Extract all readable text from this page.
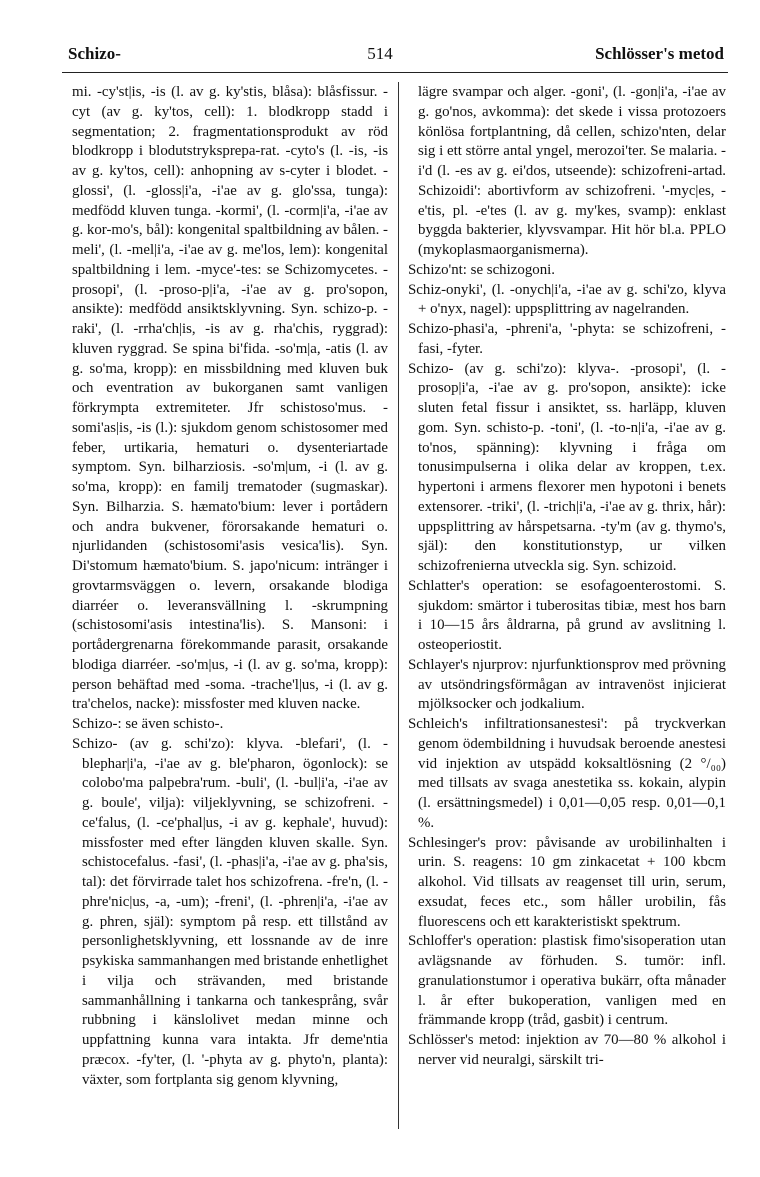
Schizo-	514	Schlösser's metod

mi. -cy'st|is, -is (l. av g. ky'stis, blåsa): blåsfissur. -cyt (av g. ky'tos, cell): 1. blodkropp stadd i segmentation; 2. fragmentationsprodukt av röd blodkropp i blodutstryksprepa-rat. -cyto's (l. -is, -is av g. ky'tos, cell): anhopning av s-cyter i blodet. -glossi', (l. -gloss|i'a, -i'ae av g. glo'ssa, tunga): medfödd kluven tunga. -kormi', (l. -corm|i'a, -i'ae av g. kor-mo's, bål): kongenital spaltbildning av bålen. -meli', (l. -mel|i'a, -i'ae av g. me'los, lem): kongenital spaltbildning i lem. -myce'-tes: se Schizomycetes. -prosopi', (l. -proso-p|i'a, -i'ae av g. pro'sopon, ansikte): medfödd ansiktsklyvning. Syn. schizo-p. -raki', (l. -rrha'ch|is, -is av g. rha'chis, ryggrad): kluven ryggrad. Se spina bi'fida. -so'm|a, -atis (l. av g. so'ma, kropp): en missbildning med kluven buk och eventration av bukorganen samt vanligen förkrympta extremiteter. Jfr schistoso'mus. -somi'as|is, -is (l.): sjukdom genom schistosomer med feber, urtikaria, hematuri o. dysenteriartade symptom. Syn. bilharziosis. -so'm|um, -i (l. av g. so'ma, kropp): en familj trematoder (sugmaskar). Syn. Bilharzia. S. hæmato'bium: lever i portådern och andra bukvener, förorsakande hematuri o. njurlidanden (schistosomi'asis vesica'lis). Syn. Di'stomum hæmato'bium. S. japo'nicum: intränger i grovtarmsväggen o. levern, orsakande blodiga diarréer o. leveransvällning l. -skrumpning (schistosomi'asis intestina'lis). S. Mansoni: i portådergrenarna förekommande parasit, orsakande blodiga diarréer. -so'm|us, -i (l. av g. so'ma, kropp): person behäftad med -soma. -trache'l|us, -i (l. av g. tra'chelos, nacke): missfoster med kluven nacke.

Schizo-: se även schisto-.

Schizo- (av g. schi'zo): klyva. -blefari', (l. -blephar|i'a, -i'ae av g. ble'pharon, ögonlock): se colobo'ma palpebra'rum. -buli', (l. -bul|i'a, -i'ae av g. boule', vilja): viljeklyvning, se schizofreni. -ce'falus, (l. -ce'phal|us, -i av g. kephale', huvud): missfoster med efter längden kluven skalle. Syn. schistocefalus. -fasi', (l. -phas|i'a, -i'ae av g. pha'sis, tal): det förvirrade talet hos schizofrena. -fre'n, (l. -phre'nic|us, -a, -um); -freni', (l. -phren|i'a, -i'ae av g. phren, själ): symptom på resp. ett tillstånd av personlighetsklyvning, ett lossnande av de inre psykiska sammanhangen med bristande enhetlighet i vilja och strävanden, med bristande sammanhållning i tankarna och tankesprång, svår rubbning i känslolivet medan minne och uppfattning kunna vara intakta. Jfr deme'ntia præcox. -fy'ter, (l. '-phyta av g. phyto'n, planta): växter, som fortplanta sig genom klyvning,

lägre svampar och alger. -goni', (l. -gon|i'a, -i'ae av g. go'nos, avkomma): det skede i vissa protozoers könlösa fortplantning, då cellen, schizo'nten, delar sig i ett större antal yngel, merozoi'ter. Se malaria. -i'd (l. -es av g. ei'dos, utseende): schizofreni-artad. Schizoidi': abortivform av schizofreni. '-myc|es, -e'tis, pl. -e'tes (l. av g. my'kes, svamp): enklast byggda bakterier, klyvsvampar. Hit hör bl.a. PPLO (mykoplasmaorganismerna).

Schizo'nt: se schizogoni.

Schiz-onyki', (l. -onych|i'a, -i'ae av g. schi'zo, klyva + o'nyx, nagel): uppsplittring av nagelranden.

Schizo-phasi'a, -phreni'a, '-phyta: se schizofreni, -fasi, -fyter.

Schizo- (av g. schi'zo): klyva-. -prosopi', (l. -prosop|i'a, -i'ae av g. pro'sopon, ansikte): icke sluten fetal fissur i ansiktet, ss. harläpp, kluven gom. Syn. schisto-p. -toni', (l. -to-n|i'a, -i'ae av g. to'nos, spänning): klyvning i fråga om tonusimpulserna i olika delar av kroppen, t.ex. hypertoni i armens flexorer men hypotoni i benets extensorer. -triki', (l. -trich|i'a, -i'ae av g. thrix, hår): uppsplittring av hårspetsarna. -ty'm (av g. thymo's, själ): den konstitutionstyp, ur vilken schizofrenierna utveckla sig. Syn. schizoid.

Schlatter's operation: se esofagoenterostomi. S. sjukdom: smärtor i tuberositas tibiæ, mest hos barn i 10—15 års åldrarna, på grund av avslitning l. osteoperiostit.

Schlayer's njurprov: njurfunktionsprov med prövning av utsöndringsförmågan av intravenöst injicierat mjölksocker och jodkalium.

Schleich's infiltrationsanestesi': på tryckverkan genom ödembildning i huvudsak beroende anestesi vid injektion av utspädd koksaltlösning (2 °/₀₀) med tillsats av svaga anestetika ss. kokain, alypin (l. ersättningsmedel) i 0,01—0,05 resp. 0,01—0,1 %.

Schlesinger's prov: påvisande av urobilinhalten i urin. S. reagens: 10 gm zinkacetat + 100 kbcm alkohol. Vid tillsats av reagenset till urin, serum, exsudat, feces etc., som håller urobilin, fås fluorescens och ett karakteristiskt spektrum.

Schloffer's operation: plastisk fimo'sisoperation utan avlägsnande av förhuden. S. tumör: infl. granulationstumor i operativa bukärr, ofta månader l. år efter bukoperation, vanligen med en främmande kropp (tråd, gasbit) i centrum.

Schlösser's metod: injektion av 70—80 % alkohol i nerver vid neuralgi, särskilt tri-
